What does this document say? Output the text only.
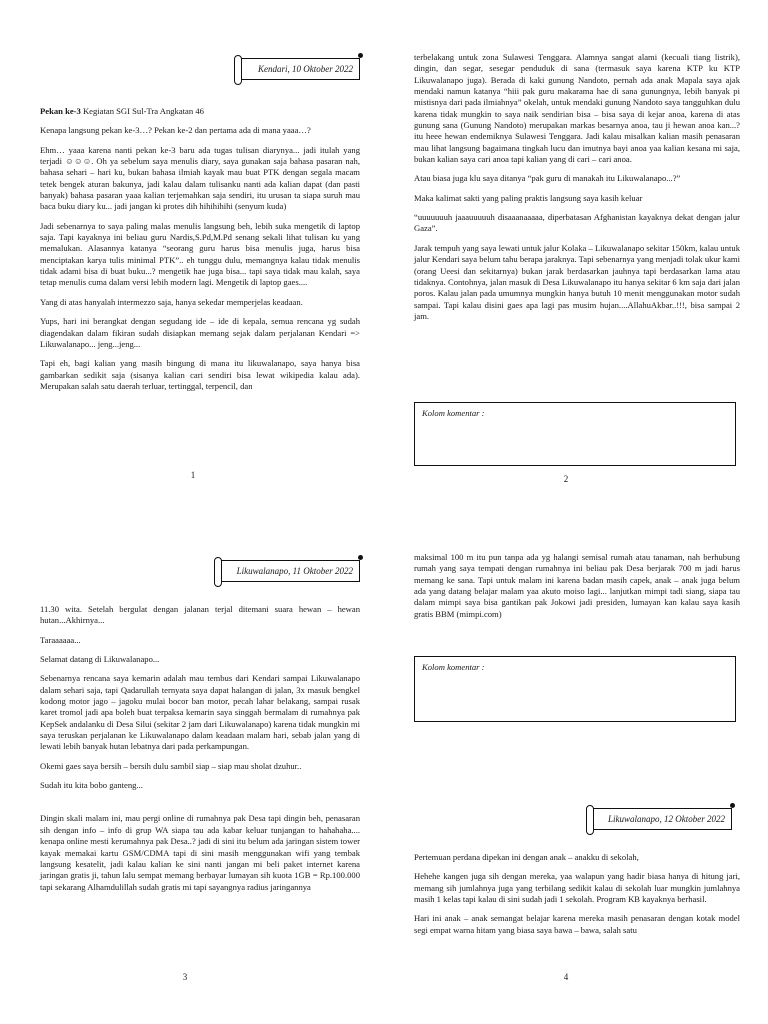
Kendari, 10 Oktober 2022

Pekan ke-3 Kegiatan SGI Sul-Tra Angkatan 46

Kenapa langsung pekan ke-3…? Pekan ke-2 dan pertama ada di mana yaaa…?

Ehm… yaaa karena nanti pekan ke-3 baru ada tugas tulisan diarynya... jadi itulah yang terjadi ☺☺☺. Oh ya sebelum saya menulis diary, saya gunakan saja bahasa pasaran nah, bahasa sehari – hari ku, bukan bahasa ilmiah kayak mau buat PTK dengan segala macam tetek bengek aturan bakunya, jadi kalau dalam tulisanku nanti ada kalian dapat (dan pasti banyak) bahasa pasaran yaaa kalian terjemahkan saja sendiri, itu urusan ta siapa suruh mau baca buku diary ku... jadi jangan ki protes dih hihihihihi (senyum kuda)

Jadi sebenarnya to saya paling malas menulis langsung beh, lebih suka mengetik di laptop saja. Tapi kayaknya ini beliau guru Nardis,S.Pd,M.Pd senang sekali lihat tulisan ku yang memalukan. Alasannya katanya “seorang guru harus bisa menulis juga, harus bisa menciptakan karya tulis minimal PTK”.. eh tunggu dulu, memangnya kalau tidak menulis tidak adami bisa di buat buku...? mengetik hae juga bisa... tapi saya tidak mau kalah, saya tetap menulis cuma dalam versi lebih modern lagi. Mengetik di laptop gaes....

Yang di atas hanyalah intermezzo saja, hanya sekedar memperjelas keadaan.

Yups, hari ini berangkat dengan segudang ide – ide di kepala, semua rencana yg sudah diagendakan dalam fikiran sudah disiapkan memang sejak dalam perjalanan Kendari => Likuwalanapo... jeng...jeng...

Tapi eh, bagi kalian yang masih bingung di mana itu likuwalanapo, saya hanya bisa gambarkan sedikit saja (sisanya kalian cari sendiri bisa lewat wikipedia kalau ada). Merupakan salah satu daerah terluar, tertinggal, terpencil, dan

1

terbelakang untuk zona Sulawesi Tenggara. Alamnya sangat alami (kecuali tiang listrik), dingin, dan segar, sesegar penduduk di sana (termasuk saya karena KTP ku KTP Likuwalanapo juga). Berada di kaki gunung Nandoto, pernah ada anak Mapala saya ajak mendaki namun katanya “hiii pak guru makarama hae di sana gunungnya, lebih banyak pi mistisnya dari pada ilmiahnya” okelah, untuk mendaki gunung Nandoto saya tangguhkan dulu karena tidak mungkin to saya naik sendirian bisa – bisa saya di kejar anoa, karena di atas gunung sana (Gunung Nandoto) merupakan markas besarnya anoa, tau ji hewan anoa kan...? itu heee hewan endemiknya Sulawesi Tenggara. Jadi kalau misalkan kalian masih penasaran mau lihat langsung bagaimana tingkah lucu dan imutnya bayi anoa yaa kalian kesana mi saja, bukan kalian saya cari anoa tapi kalian yang di cari – cari anoa.

Atau biasa juga klu saya ditanya “pak guru di manakah itu Likuwalanapo...?”

Maka kalimat sakti yang paling praktis langsung saya kasih keluar

“uuuuuuuh jaaauuuuuh disaaanaaaaa, diperbatasan Afghanistan kayaknya dekat dengan jalur Gaza”.

Jarak tempuh yang saya lewati untuk jalur Kolaka – Likuwalanapo sekitar 150km, kalau untuk jalur Kendari saya belum tahu berapa jaraknya. Tapi sebenarnya yang menjadi tolak ukur kami (orang Ueesi dan sekitarnya) bukan jarak berdasarkan jauhnya tapi berdasarkan lama atau tidaknya. Contohnya, jalan masuk di Desa Likuwalanapo itu hanya sekitar 6 km saja dari jalan poros. Kalau jalan pada umumnya mungkin hanya butuh 10 menit menggunakan motor sudah sampai. Tapi kalau disini gaes apa lagi pas musim hujan....AllahuAkbar..!!!, bisa sampai 2 jam.

Kolom komentar :
2
Likuwalanapo, 11 Oktober 2022

11.30 wita. Setelah bergulat dengan jalanan terjal ditemani suara hewan – hewan hutan...Akhirnya...

Taraaaaaa...

Selamat datang di Likuwalanapo...

Sebenarnya rencana saya kemarin adalah mau tembus dari Kendari sampai Likuwalanapo dalam sehari saja, tapi Qadarullah ternyata saya dapat halangan di jalan, 3x masuk bengkel kodong motor jago – jagoku mulai bocor ban motor, pecah lahar belakang, sampai rusak karet tromol jadi apa boleh buat terpaksa kemarin saya singgah bermalam di rumahnya pak KepSek andalanku di Desa Silui (sekitar 2 jam dari Likuwalanapo) karena tidak mungkin mi saya teruskan perjalanan ke Likuwalanapo dalam keadaan malam hari, sebab jalan yang di lewati lebih banyak hutan lebatnya dari pada perkampungan.

Okemi gaes saya bersih – bersih dulu sambil siap – siap mau sholat dzuhur..

Sudah itu kita bobo ganteng...

Dingin skali malam ini, mau pergi online di rumahnya pak Desa tapi dingin beh, penasaran sih dengan info – info di grup WA siapa tau ada kabar keluar tunjangan to hahahaha.... kenapa online mesti kerumahnya pak Desa..? jadi di sini itu belum ada jaringan sistem tower kayak memakai kartu GSM/CDMA tapi di sini masih menggunakan wifi yang tembak langsung kesatelit, jadi kalau kalian ke sini nanti jangan mi beli paket internet karena jaringan gratis ji, tahun lalu sempat memang berbayar lumayan sih kuota 1GB = Rp.100.000 tapi sekarang Alhamdulillah sudah gratis mi tapi sayangnya radius jaringannya

3

maksimal 100 m itu pun tanpa ada yg halangi semisal rumah atau tanaman, nah berhubung rumah yang saya tempati dengan rumahnya ini beliau pak Desa berjarak 700 m jadi harus memang ke sana. Tapi untuk malam ini karena badan masih capek, anak – anak juga belum ada yang datang belajar malam yaa akuto moiso lagi... lanjutkan mimpi tadi siang, siapa tau dalam mimpi saya bisa gantikan pak Jokowi jadi presiden, lumayan kan kalau saya kasih gratis BBM (mimpi.com)

Kolom komentar :
Likuwalanapo, 12 Oktober 2022

Pertemuan perdana dipekan ini dengan anak – anakku di sekolah,

Hehehe kangen juga sih dengan mereka, yaa walapun yang hadir biasa hanya di hitung jari, memang sih jumlahnya juga yang terbilang sedikit kalau di sekolah luar mungkin jumlahnya masih 1 kelas tapi kalau di sini sudah jadi 1 sekolah. Program KB kayaknya berhasil.

Hari ini anak – anak semangat belajar karena mereka masih penasaran dengan kotak model segi empat warna hitam yang biasa saya bawa – bawa, salah satu

4
